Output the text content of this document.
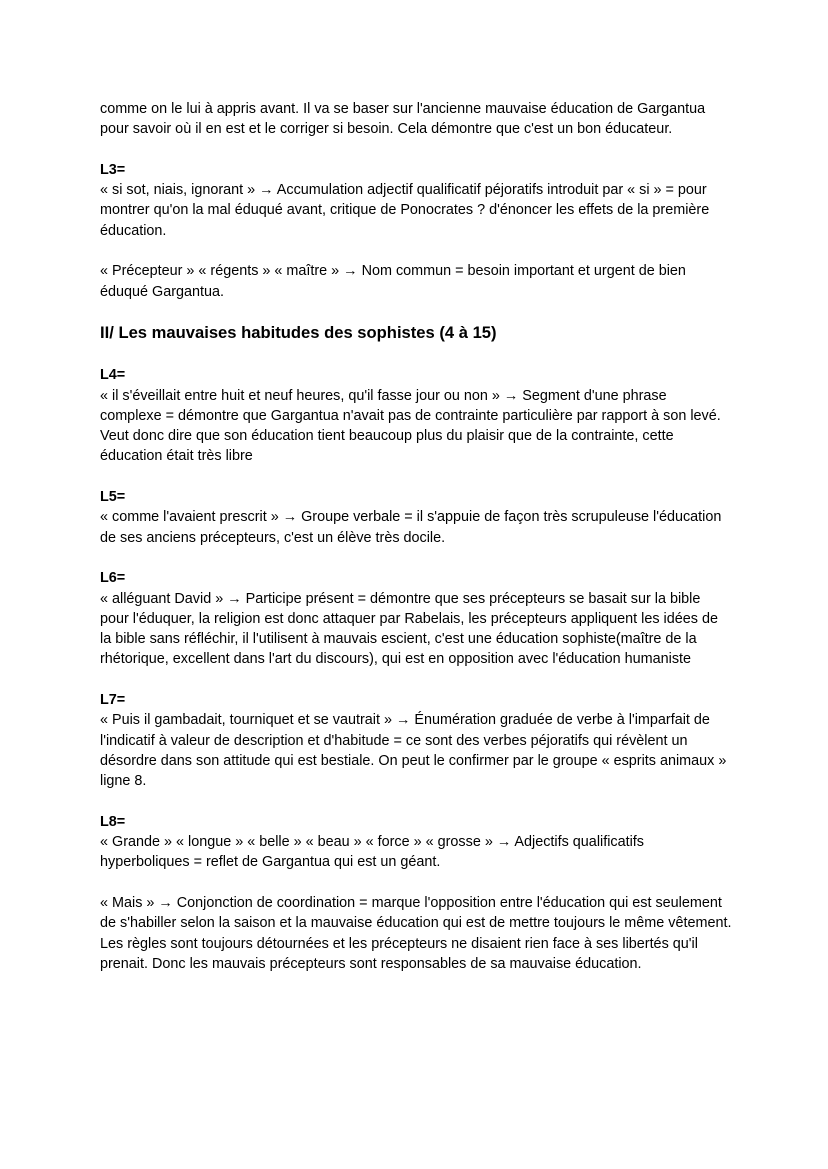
comme on le lui à appris avant. Il va se baser sur l'ancienne mauvaise éducation de Gargantua pour savoir où il en est et le corriger si besoin. Cela démontre que c'est un bon éducateur.

L3=

« si sot, niais, ignorant » → Accumulation adjectif qualificatif péjoratifs introduit par « si » = pour montrer qu'on la mal éduqué avant, critique de Ponocrates ? d'énoncer les effets de la première éducation.

« Précepteur » « régents » « maître » → Nom commun = besoin important et urgent de bien éduqué Gargantua.

II/ Les mauvaises habitudes des sophistes (4 à 15)

L4=

« il s'éveillait entre huit et neuf heures, qu'il fasse jour ou non » → Segment d'une phrase complexe = démontre que Gargantua n'avait pas de contrainte particulière par rapport à son levé. Veut donc dire que son éducation tient beaucoup plus du plaisir que de la contrainte, cette éducation était très libre

L5=

« comme l'avaient prescrit » → Groupe verbale = il s'appuie de façon très scrupuleuse l'éducation de ses anciens précepteurs, c'est un élève très docile.

L6=

« alléguant David » → Participe présent = démontre que ses précepteurs se basait sur la bible pour l'éduquer, la religion est donc attaquer par Rabelais, les précepteurs appliquent les idées de la bible sans réfléchir, il l'utilisent à mauvais escient, c'est une éducation sophiste(maître de la rhétorique, excellent dans l'art du discours), qui est en opposition avec l'éducation humaniste

L7=

« Puis il gambadait, tourniquet et se vautrait » → Énumération graduée de verbe à l'imparfait de l'indicatif à valeur de description et d'habitude = ce sont des verbes péjoratifs qui révèlent un désordre dans son attitude qui est bestiale. On peut le confirmer par le groupe « esprits animaux » ligne 8.

L8=

« Grande » « longue » « belle » « beau » « force » « grosse » → Adjectifs qualificatifs hyperboliques = reflet de Gargantua qui est un géant.

« Mais » → Conjonction de coordination = marque l'opposition entre l'éducation qui est seulement de s'habiller selon la saison et la mauvaise éducation qui est de mettre toujours le même vêtement. Les règles sont toujours détournées et les précepteurs ne disaient rien face à ses libertés qu'il prenait. Donc les mauvais précepteurs sont responsables de sa mauvaise éducation.
